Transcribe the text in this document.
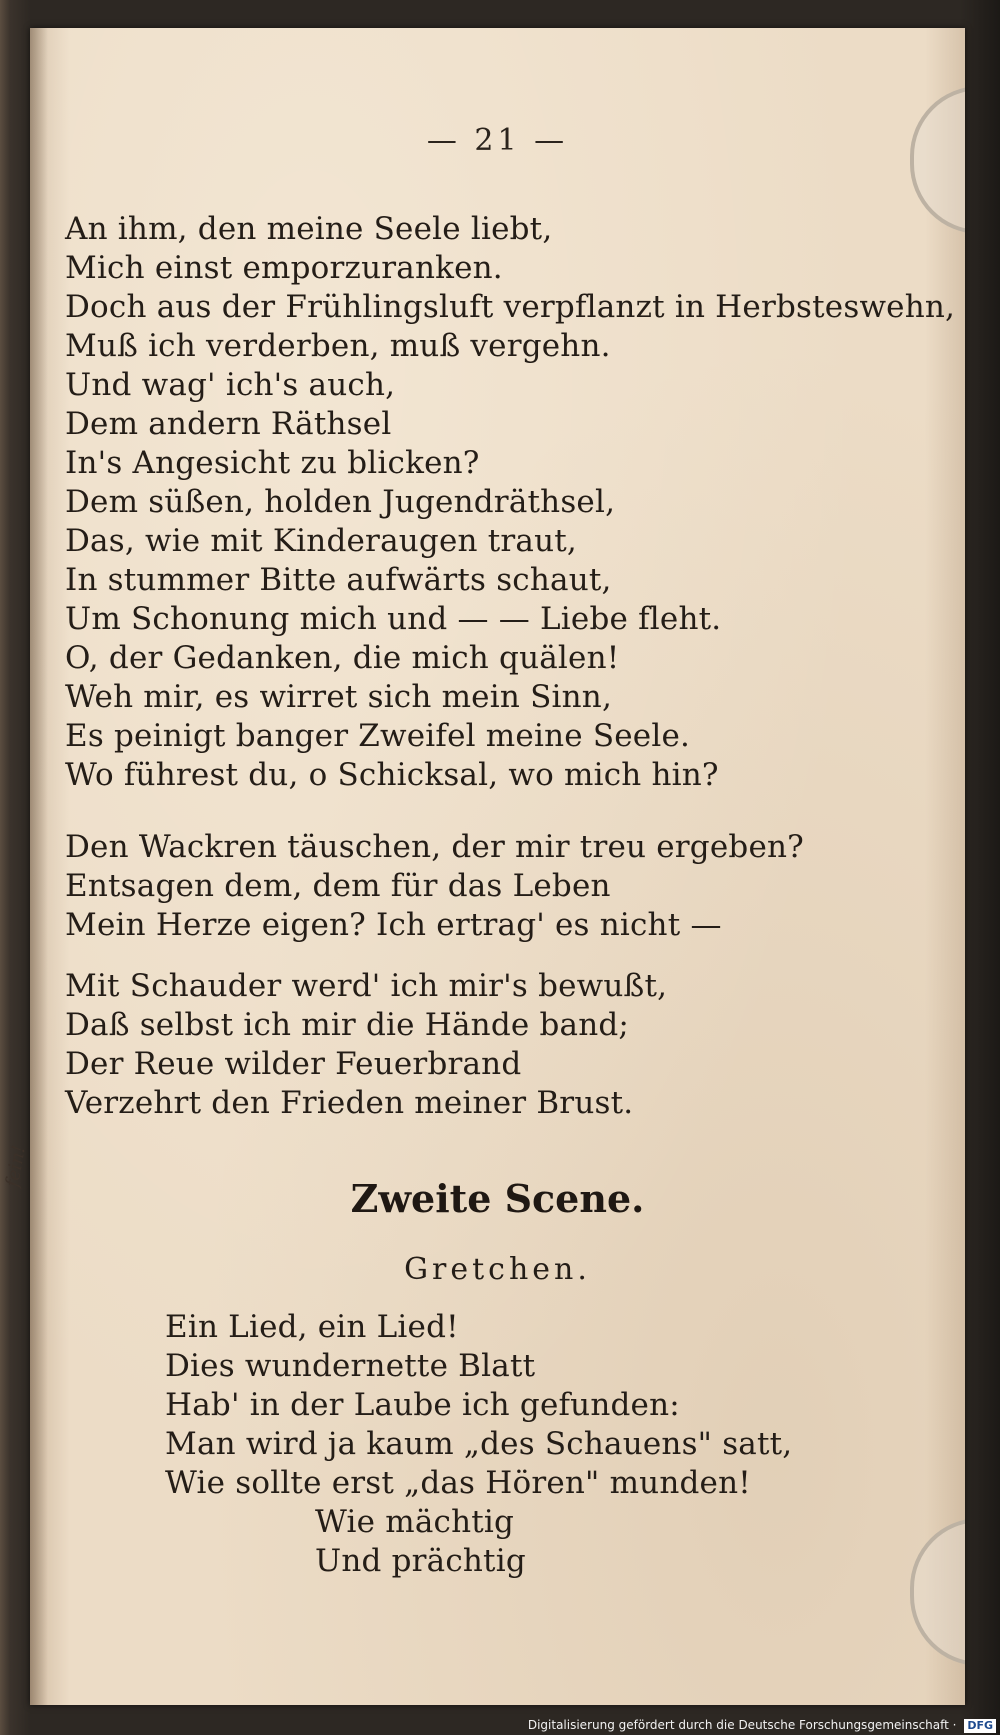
— 21 —
An ihm, den meine Seele liebt,
Mich einst emporzuranken.
Doch aus der Frühlingsluft verpflanzt in Herbsteswehn,
Muß ich verderben, muß vergehn.
Und wag' ich's auch,
Dem andern Räthsel
In's Angesicht zu blicken?
Dem süßen, holden Jugendräthsel,
Das, wie mit Kinderaugen traut,
In stummer Bitte aufwärts schaut,
Um Schonung mich und — — Liebe fleht.
O, der Gedanken, die mich quälen!
Weh mir, es wirret sich mein Sinn,
Es peinigt banger Zweifel meine Seele.
Wo führest du, o Schicksal, wo mich hin?
Den Wackren täuschen, der mir treu ergeben?
Entsagen dem, dem für das Leben
Mein Herze eigen? Ich ertrag' es nicht —
Mit Schauder werd' ich mir's bewußt,
Daß selbst ich mir die Hände band;
Der Reue wilder Feuerbrand
Verzehrt den Frieden meiner Brust.
Zweite Scene.
Gretchen.
Ein Lied, ein Lied!
Dies wundernette Blatt
Hab' in der Laube ich gefunden:
Man wird ja kaum „des Schauens" satt,
Wie sollte erst „das Hören" munden!
Wie mächtig
Und prächtig
fein!
Digitalisierung gefördert durch die Deutsche Forschungsgemeinschaft · DFG
